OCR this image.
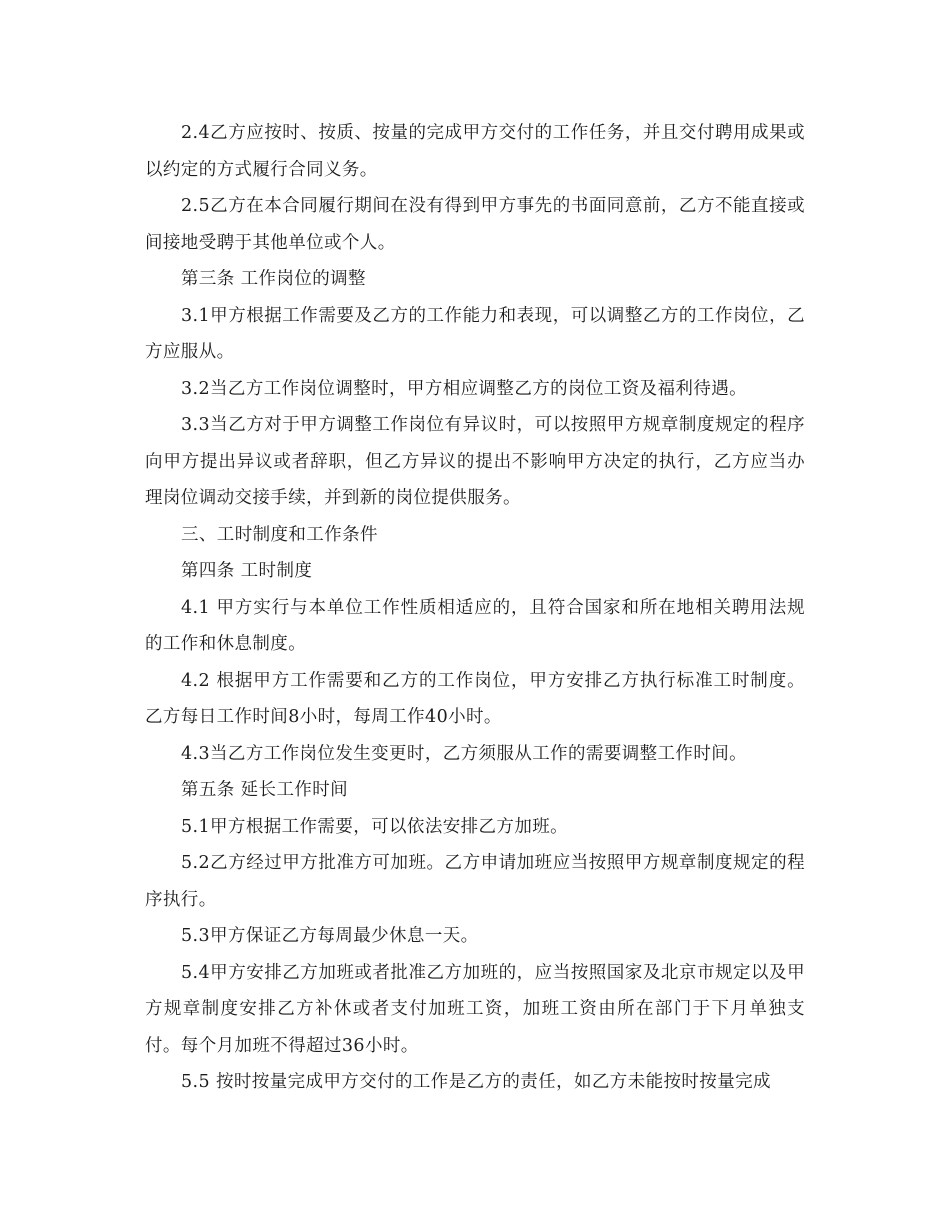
2.4乙方应按时、按质、按量的完成甲方交付的工作任务，并且交付聘用成果或以约定的方式履行合同义务。

2.5乙方在本合同履行期间在没有得到甲方事先的书面同意前，乙方不能直接或间接地受聘于其他单位或个人。

第三条 工作岗位的调整

3.1甲方根据工作需要及乙方的工作能力和表现，可以调整乙方的工作岗位，乙方应服从。

3.2当乙方工作岗位调整时，甲方相应调整乙方的岗位工资及福利待遇。

3.3当乙方对于甲方调整工作岗位有异议时，可以按照甲方规章制度规定的程序向甲方提出异议或者辞职，但乙方异议的提出不影响甲方决定的执行，乙方应当办理岗位调动交接手续，并到新的岗位提供服务。

三、工时制度和工作条件

第四条 工时制度

4.1 甲方实行与本单位工作性质相适应的，且符合国家和所在地相关聘用法规的工作和休息制度。

4.2 根据甲方工作需要和乙方的工作岗位，甲方安排乙方执行标准工时制度。乙方每日工作时间8小时，每周工作40小时。

4.3当乙方工作岗位发生变更时，乙方须服从工作的需要调整工作时间。

第五条 延长工作时间

5.1甲方根据工作需要，可以依法安排乙方加班。

5.2乙方经过甲方批准方可加班。乙方申请加班应当按照甲方规章制度规定的程序执行。

5.3甲方保证乙方每周最少休息一天。

5.4甲方安排乙方加班或者批准乙方加班的，应当按照国家及北京市规定以及甲方规章制度安排乙方补休或者支付加班工资，加班工资由所在部门于下月单独支付。每个月加班不得超过36小时。

5.5 按时按量完成甲方交付的工作是乙方的责任，如乙方未能按时按量完成
